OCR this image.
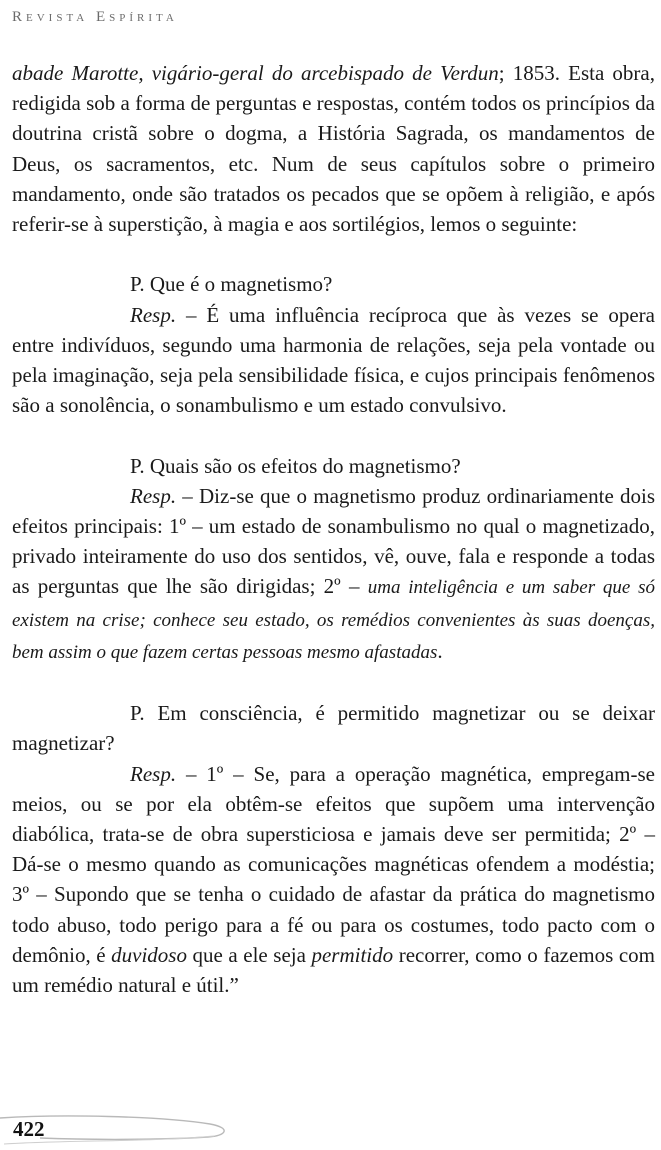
Revista Espírita

abade Marotte, vigário-geral do arcebispado de Verdun; 1853. Esta obra, redigida sob a forma de perguntas e respostas, contém todos os princípios da doutrina cristã sobre o dogma, a História Sagrada, os mandamentos de Deus, os sacramentos, etc. Num de seus capítulos sobre o primeiro mandamento, onde são tratados os pecados que se opõem à religião, e após referir-se à superstição, à magia e aos sortilégios, lemos o seguinte:

P. Que é o magnetismo?

Resp. – É uma influência recíproca que às vezes se opera entre indivíduos, segundo uma harmonia de relações, seja pela vontade ou pela imaginação, seja pela sensibilidade física, e cujos principais fenômenos são a sonolência, o sonambulismo e um estado convulsivo.

P. Quais são os efeitos do magnetismo?

Resp. – Diz-se que o magnetismo produz ordinariamente dois efeitos principais: 1º – um estado de sonambulismo no qual o magnetizado, privado inteiramente do uso dos sentidos, vê, ouve, fala e responde a todas as perguntas que lhe são dirigidas; 2º – uma inteligência e um saber que só existem na crise; conhece seu estado, os remédios convenientes às suas doenças, bem assim o que fazem certas pessoas mesmo afastadas.

P. Em consciência, é permitido magnetizar ou se deixar magnetizar?

Resp. – 1º – Se, para a operação magnética, empregam-se meios, ou se por ela obtêm-se efeitos que supõem uma intervenção diabólica, trata-se de obra supersticiosa e jamais deve ser permitida; 2º – Dá-se o mesmo quando as comunicações magnéticas ofendem a modéstia; 3º – Supondo que se tenha o cuidado de afastar da prática do magnetismo todo abuso, todo perigo para a fé ou para os costumes, todo pacto com o demônio, é duvidoso que a ele seja permitido recorrer, como o fazemos com um remédio natural e útil.”

422
